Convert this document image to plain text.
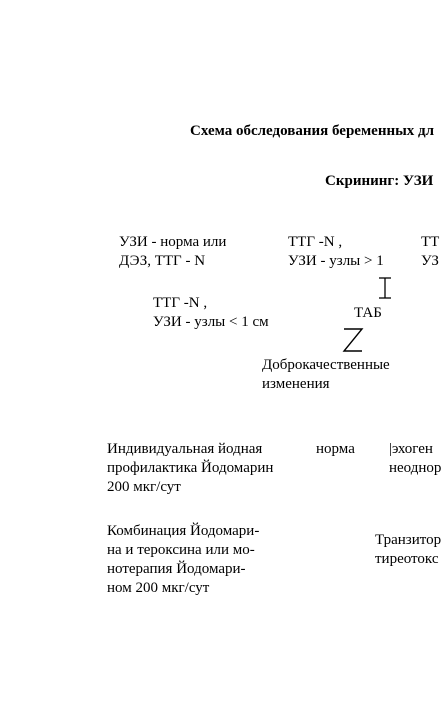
Схема обследования беременных дл
Скрининг: УЗИ
УЗИ - норма или
ДЭЗ, ТТГ - N
ТТГ -N ,
УЗИ - узлы > 1
ТТ
УЗ
ТТГ -N ,
УЗИ - узлы < 1 см
ТАБ
Доброкачественные
изменения
Индивидуальная йодная
профилактика Йодомарин
200 мкг/сут
норма |эхоген
неоднор
Комбинация Йодомари-
на и тероксина или мо-
нотерапия Йодомари-
ном 200 мкг/сут
Транзитор
тиреотокс
